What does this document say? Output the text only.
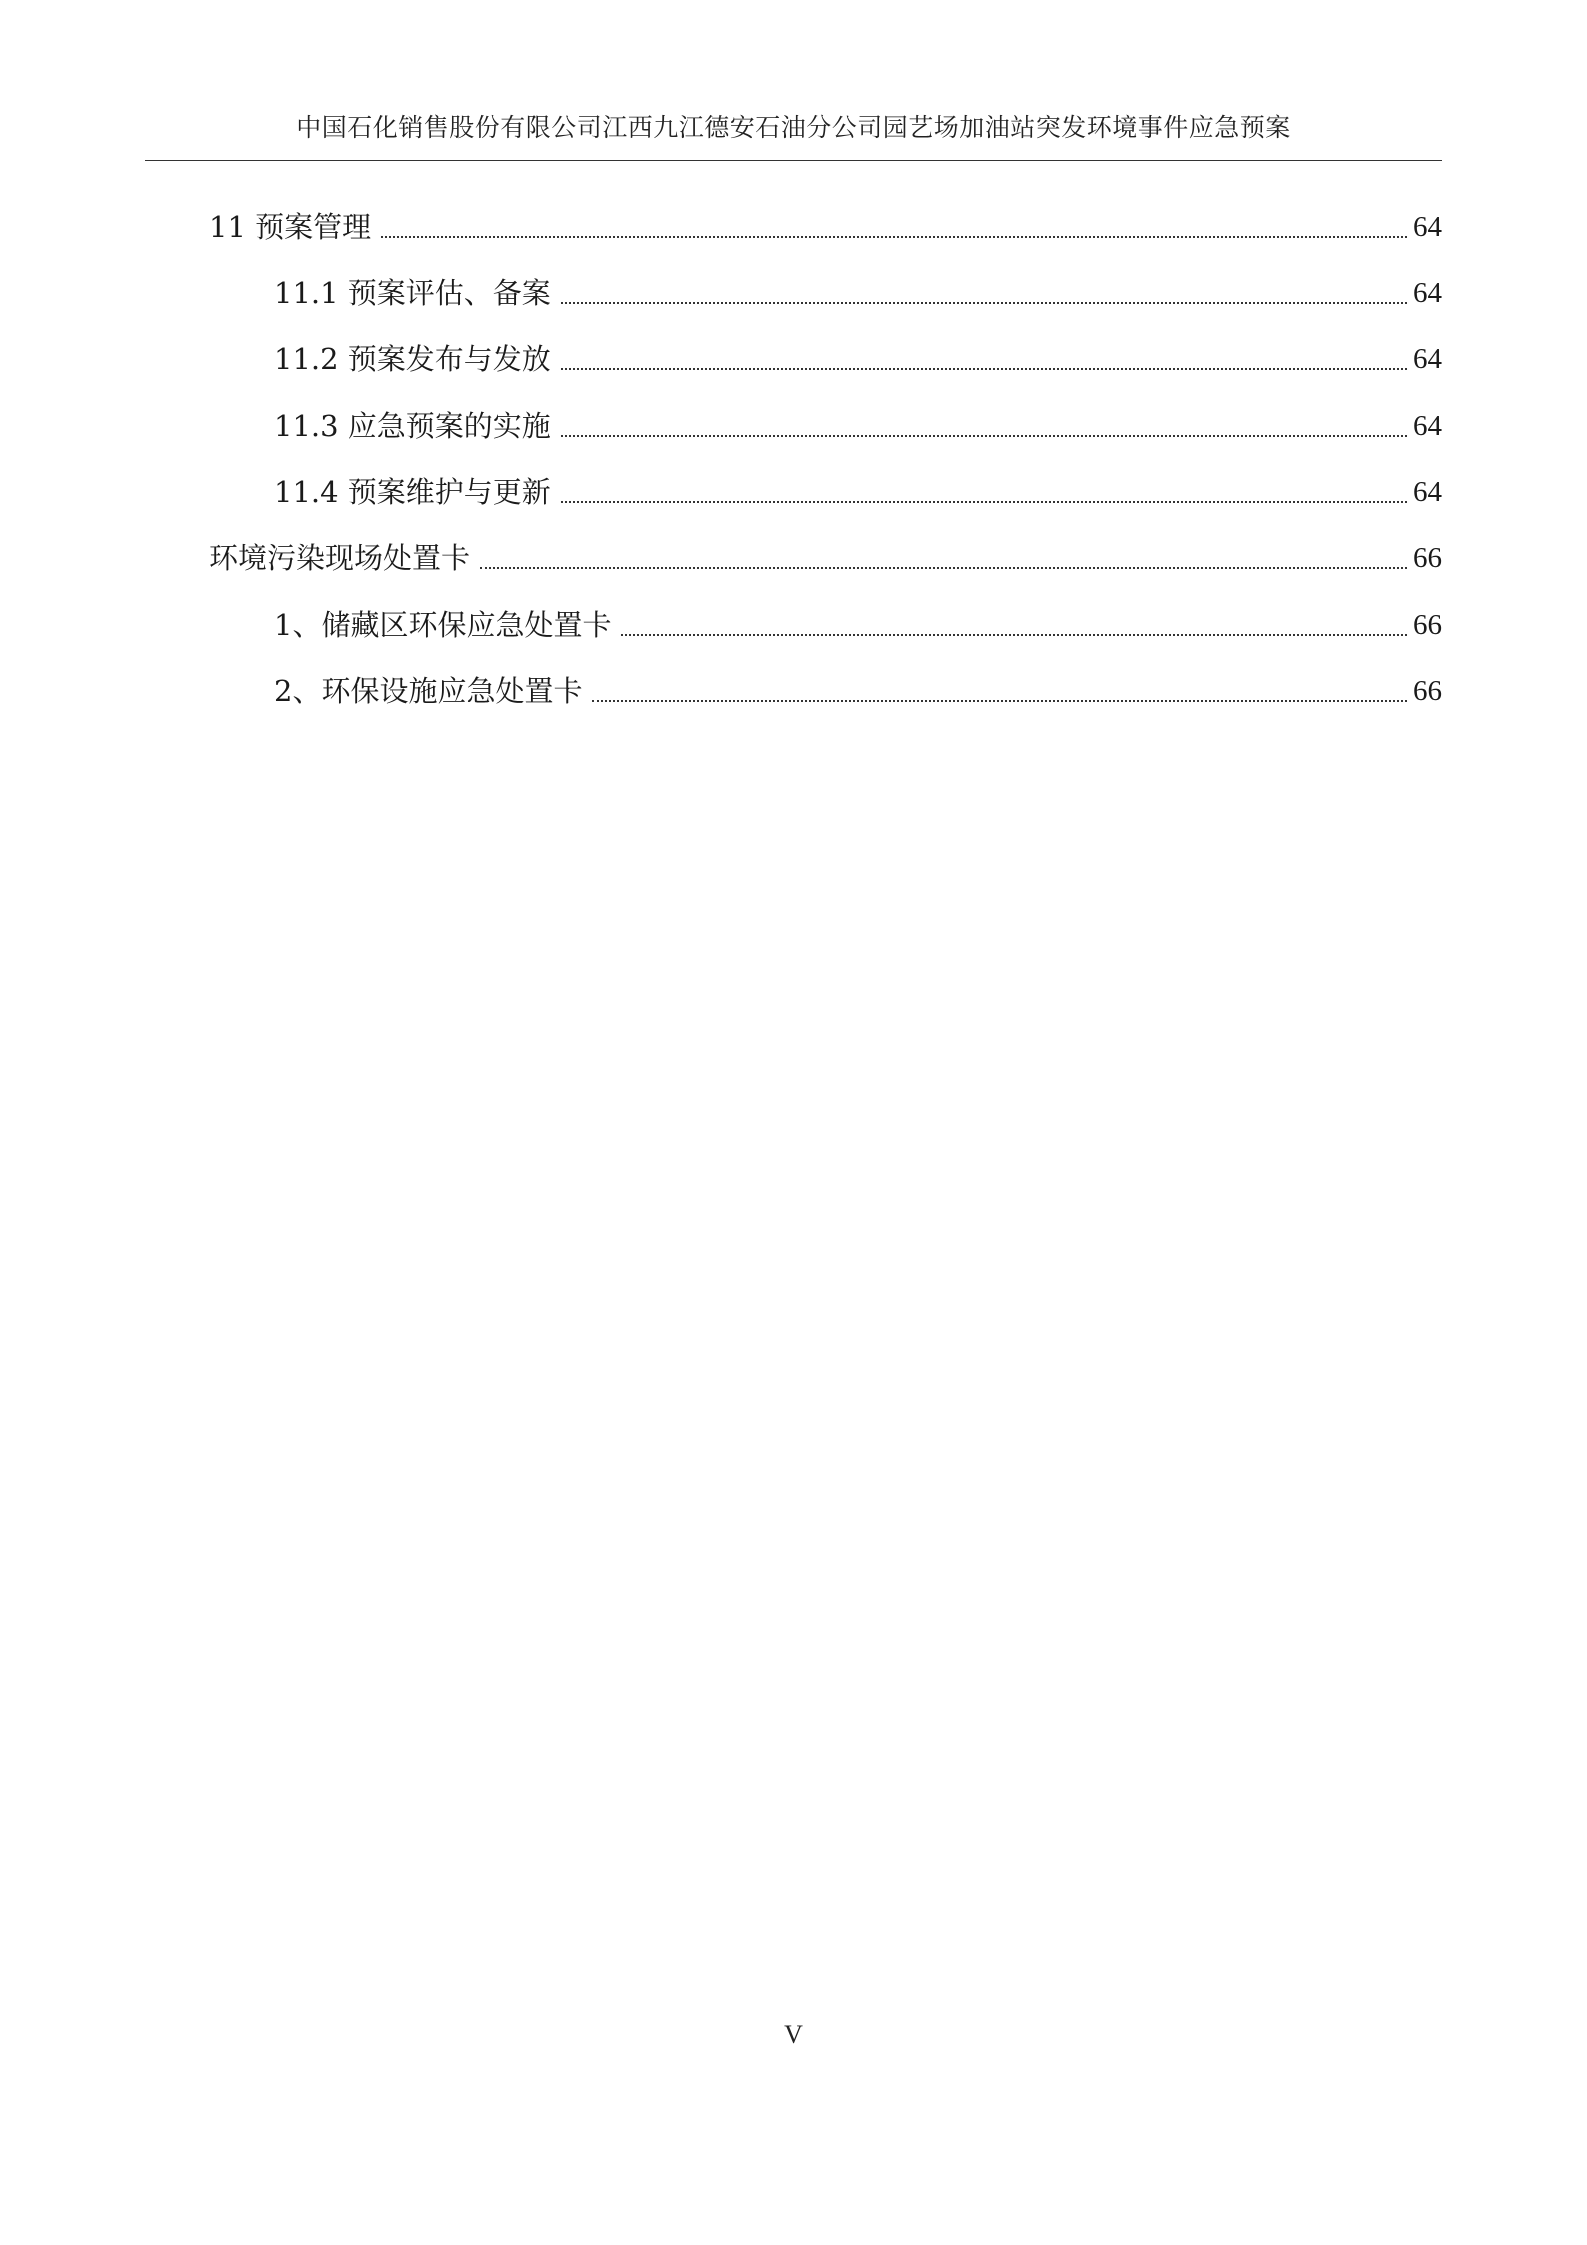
中国石化销售股份有限公司江西九江德安石油分公司园艺场加油站突发环境事件应急预案
11 预案管理	64
11.1 预案评估、备案	64
11.2 预案发布与发放	64
11.3 应急预案的实施	64
11.4 预案维护与更新	64
环境污染现场处置卡	66
1、储藏区环保应急处置卡	66
2、环保设施应急处置卡	66
V
